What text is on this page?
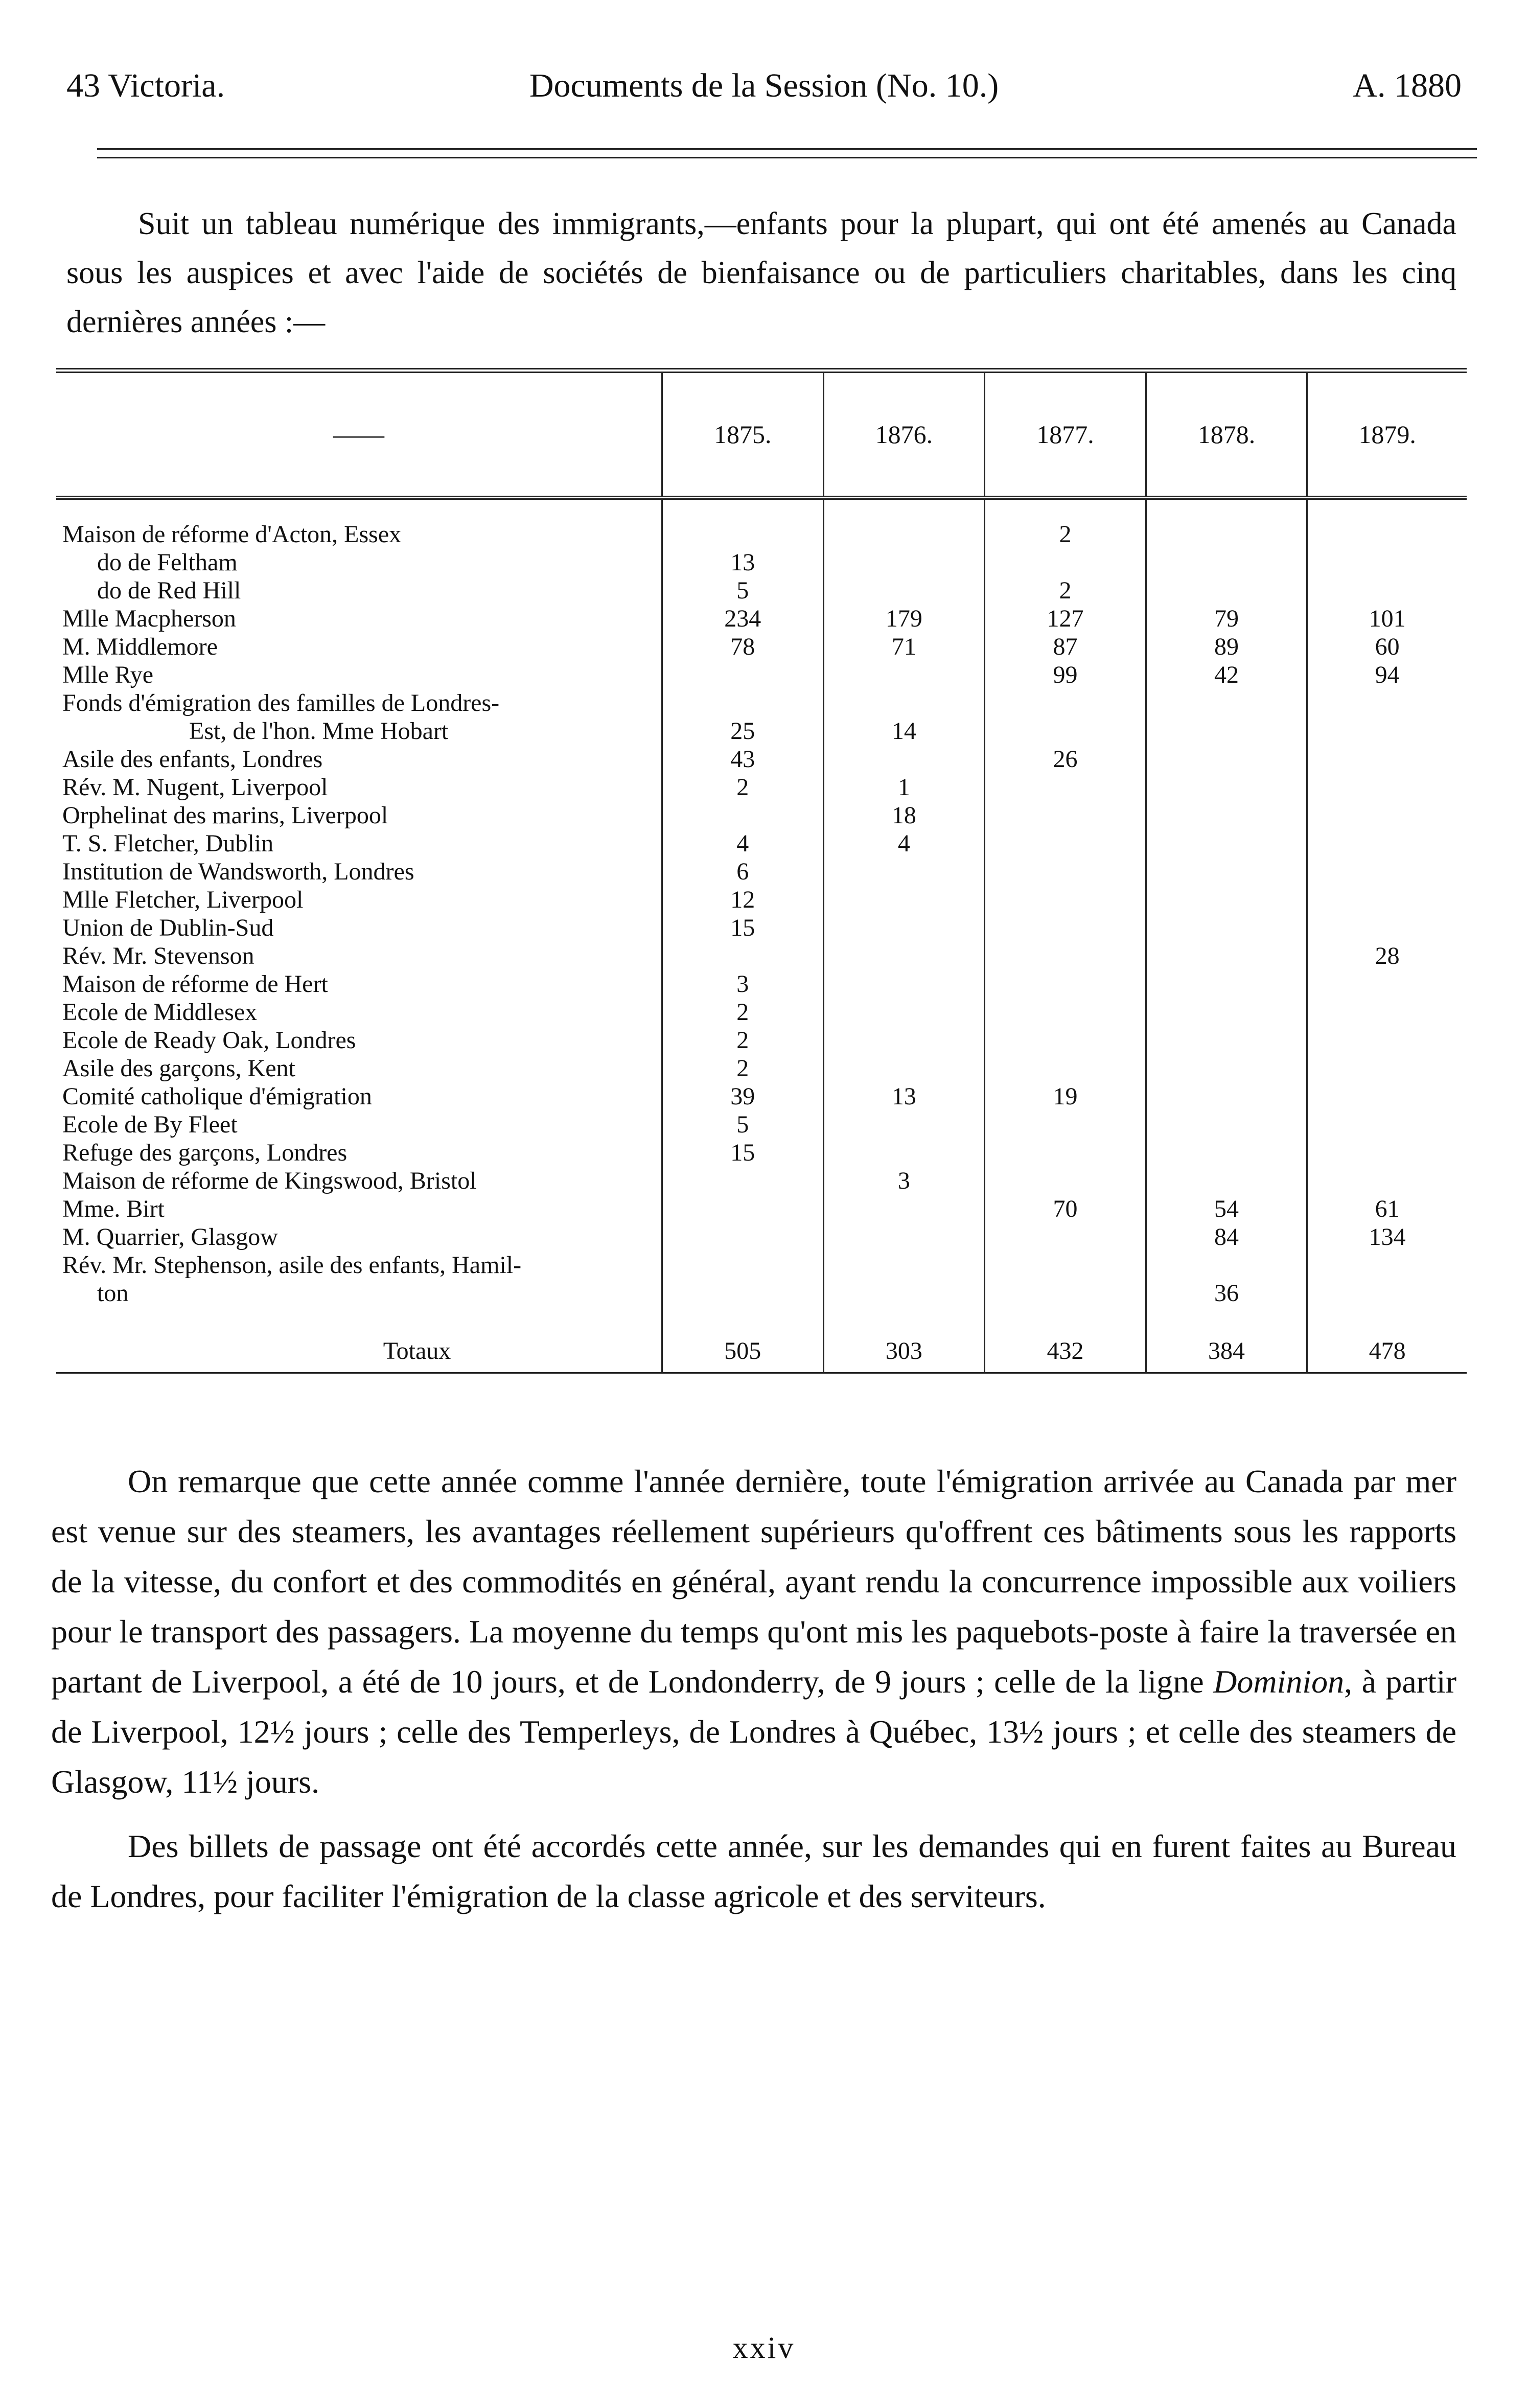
43 Victoria.	Documents de la Session (No. 10.)	A. 1880

Suit un tableau numérique des immigrants,—enfants pour la plupart, qui ont été amenés au Canada sous les auspices et avec l'aide de sociétés de bienfaisance ou de particuliers charitables, dans les cinq dernières années :—

——	1875.	1876.	1877.	1878.	1879.

Maison de réforme d'Acton, Essex			2		
do de Feltham	13				
do de Red Hill	5		2		
Mlle Macpherson	234	179	127	79	101
M. Middlemore	78	71	87	89	60
Mlle Rye			99	42	94
Fonds d'émigration des familles de Londres-					
Est, de l'hon. Mme Hobart	25	14			
Asile des enfants, Londres	43		26		
Rév. M. Nugent, Liverpool	2	1			
Orphelinat des marins, Liverpool		18			
T. S. Fletcher, Dublin	4	4			
Institution de Wandsworth, Londres	6				
Mlle Fletcher, Liverpool	12				
Union de Dublin-Sud	15				
Rév. Mr. Stevenson					28
Maison de réforme de Hert	3				
Ecole de Middlesex	2				
Ecole de Ready Oak, Londres	2				
Asile des garçons, Kent	2				
Comité catholique d'émigration	39	13	19		
Ecole de By Fleet	5				
Refuge des garçons, Londres	15				
Maison de réforme de Kingswood, Bristol		3			
Mme. Birt			70	54	61
M. Quarrier, Glasgow				84	134
Rév. Mr. Stephenson, asile des enfants, Hamil-					
ton				36	

Totaux	505	303	432	384	478

On remarque que cette année comme l'année dernière, toute l'émigration arrivée au Canada par mer est venue sur des steamers, les avantages réellement supérieurs qu'offrent ces bâtiments sous les rapports de la vitesse, du confort et des commodités en général, ayant rendu la concurrence impossible aux voiliers pour le transport des passagers. La moyenne du temps qu'ont mis les paquebots-poste à faire la traversée en partant de Liverpool, a été de 10 jours, et de Londonderry, de 9 jours ; celle de la ligne Dominion, à partir de Liverpool, 12½ jours ; celle des Temperleys, de Londres à Québec, 13½ jours ; et celle des steamers de Glasgow, 11½ jours.

Des billets de passage ont été accordés cette année, sur les demandes qui en furent faites au Bureau de Londres, pour faciliter l'émigration de la classe agricole et des serviteurs.

xxiv
